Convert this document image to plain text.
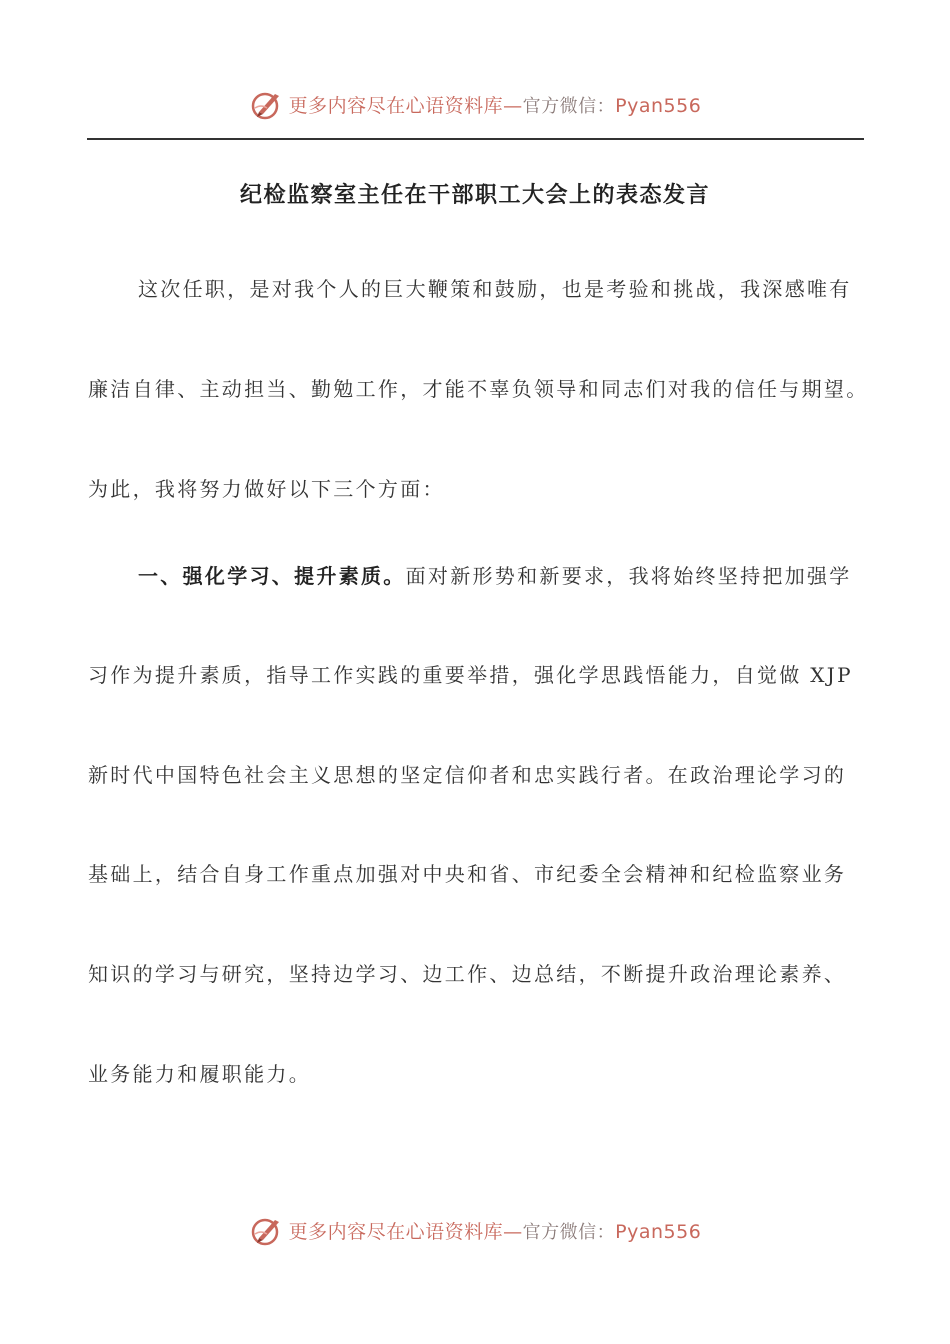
更多内容尽在心语资料库—官方微信：Pyan556
纪检监察室主任在干部职工大会上的表态发言
这次任职，是对我个人的巨大鞭策和鼓励，也是考验和挑战，我深感唯有
廉洁自律、主动担当、勤勉工作，才能不辜负领导和同志们对我的信任与期望。
为此，我将努力做好以下三个方面：
一、强化学习、提升素质。面对新形势和新要求，我将始终坚持把加强学
习作为提升素质，指导工作实践的重要举措，强化学思践悟能力，自觉做 XJP
新时代中国特色社会主义思想的坚定信仰者和忠实践行者。在政治理论学习的
基础上，结合自身工作重点加强对中央和省、市纪委全会精神和纪检监察业务
知识的学习与研究，坚持边学习、边工作、边总结，不断提升政治理论素养、
业务能力和履职能力。
更多内容尽在心语资料库—官方微信：Pyan556
